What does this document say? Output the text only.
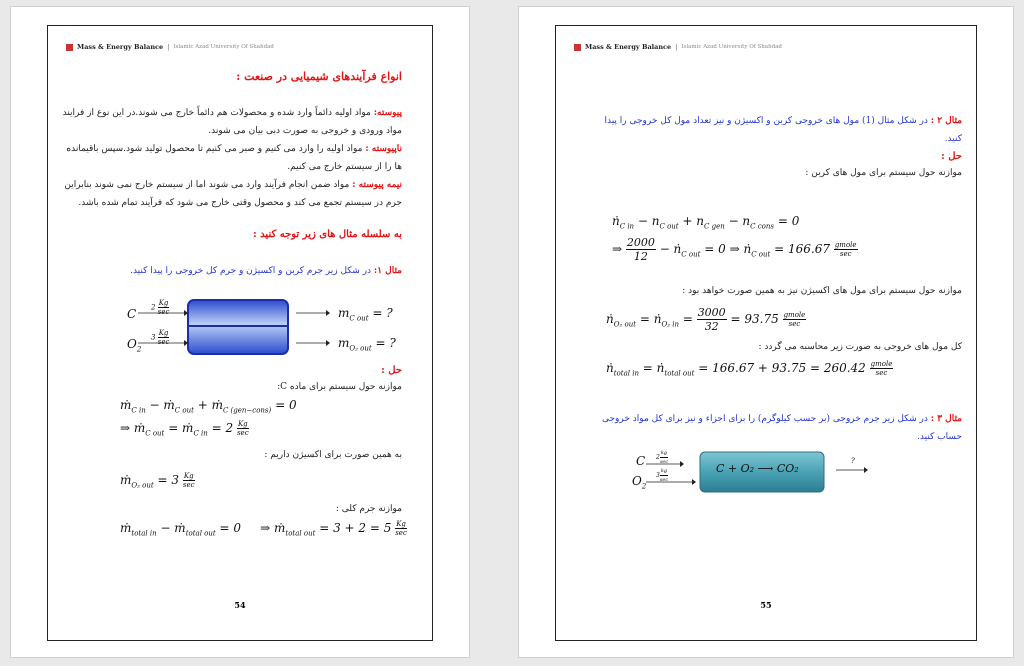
Mass & Energy Balance | Islamic Azad University Of Shahdad
انواع فرآیندهای شیمیایی در صنعت :
پیوسته: مواد اولیه دائماً وارد شده و محصولات هم دائماً خارج می شوند.در این نوع از فرایند مواد ورودی و خروجی به صورت دبی بیان می شوند.
ناپیوسته : مواد اولیه را وارد می کنیم و صبر می کنیم تا محصول تولید شود.سپس باقیمانده ها را از سیستم خارج می کنیم.
نیمه پیوسته : مواد ضمن انجام فرآیند وارد می شوند اما از سیستم خارج نمی شوند بنابراین جرم در سیستم تجمع می کند و محصول وقتی خارج می شود که فرآیند تمام شده باشد.
به سلسله مثال های زیر توجه کنید :
مثال ۱: در شکل زیر جرم کربن و اکسیژن و جرم کل خروجی را پیدا کنید.
C $2 \frac{Kg}{\sec}$
$O_2$
$3 \frac{Kg}{\sec}$
$m_{C out}$ = ?
$m_{O_2 out}$ = ?
حل :
موازنه حول سیستم برای ماده C:
ṁ$_{C in}$ − ṁ$_{C out}$ + ṁ$_{C (gen-cons)}$ = 0
⇒ ṁ$_{C out}$ = ṁ$_{C in}$ = $2 \frac{Kg}{\sec}$
به همین صورت برای اکسیژن داریم :
ṁ$_{O_2 out}$ = $3 \frac{Kg}{\sec}$
موازنه جرم کلی :
ṁ$_{total in}$ − ṁ$_{total out}$ = 0     ⇒ ṁ$_{total out}$ = $3 + 2 = 5 \frac{Kg}{\sec}$
54
Mass & Energy Balance | Islamic Azad University Of Shahdad
مثال ۲ : در شکل مثال (1) مول های خروجی کربن و اکسیژن و نیز تعداد مول کل خروجی را پیدا کنید.
حل :
موازنه حول سیستم برای مول های کربن :
ṅ$_{C in}$ − $n_{C out} + n_{C gen} - n_{C cons} = 0$
⇒ $\frac{2000}{12}$ − ṅ$_{C out}$ = 0 ⇒ ṅ$_{C out}$ = $166.67 \frac{\text{gmole}}{\sec}$
موازنه حول سیستم برای مول های اکسیژن نیز به همین صورت خواهد بود :
ṅ$_{O_2 out}$ = ṅ$_{O_2 in}$ = $\frac{3000}{32} = 93.75 \frac{\text{gmole}}{\sec}$
کل مول های خروجی به صورت زیر محاسبه می گردد :
ṅ$_{total in}$ = ṅ$_{total out}$ = $166.67 + 93.75 = 260.42 \frac{\text{gmole}}{\sec}$
مثال ۳ : در شکل زیر جرم خروجی (بر حسب کیلوگرم) را برای اجزاء و نیز برای کل مواد خروجی حساب کنید.
C $2 \frac{kg}{\sec}$
$O_2$
$3 \frac{kg}{\sec}$	C + O₂ ⟶ CO₂
?
55
